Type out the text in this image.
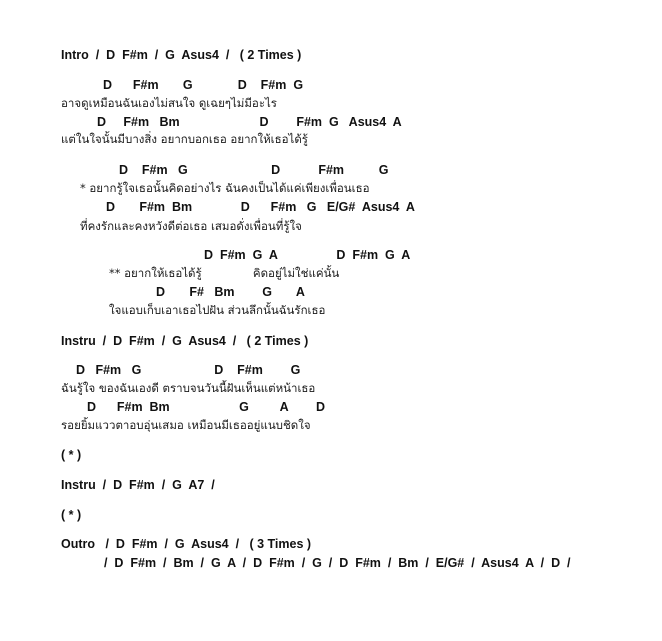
Intro  /  D  F#m  /  G  Asus4  /   ( 2 Times )
D      F#m       G             D    F#m  G
อาจดูเหมือนฉันเองไม่สนใจ ดูเฉยๆไม่มีอะไร
D     F#m   Bm                       D        F#m  G   Asus4  A
แต่ในใจนั้นมีบางสิ่ง อยากบอกเธอ อยากให้เธอได้รู้
D    F#m   G                        D           F#m          G
* อยากรู้ใจเธอนั้นคิดอย่างไร ฉันคงเป็นได้แค่เพียงเพื่อนเธอ
D       F#m  Bm              D      F#m   G   E/G#  Asus4  A
ที่คงรักและคงหวังดีต่อเธอ เสมอดั่งเพื่อนที่รู้ใจ
D  F#m  G  A                 D  F#m  G  A
** อยากให้เธอได้รู้              คิดอยู่ไม่ใช่แค่นั้น
D       F#   Bm        G       A
ใจแอบเก็บเอาเธอไปฝัน ส่วนลึกนั้นฉันรักเธอ
Instru  /  D  F#m  /  G  Asus4  /   ( 2 Times )
D   F#m   G                     D    F#m        G
ฉันรู้ใจ ของฉันเองดี ตราบจนวันนี้ฝันเห็นแต่หน้าเธอ
D      F#m  Bm                    G         A        D
รอยยิ้มแววตาอบอุ่นเสมอ เหมือนมีเธออยู่แนบชิดใจ
( * )
Instru  /  D  F#m  /  G  A7  /
( * )
Outro   /  D  F#m  /  G  Asus4  /   ( 3 Times )
/  D  F#m  /  Bm  /  G  A  /  D  F#m  /  G  /  D  F#m  /  Bm  /  E/G#  /  Asus4  A  /  D  /
